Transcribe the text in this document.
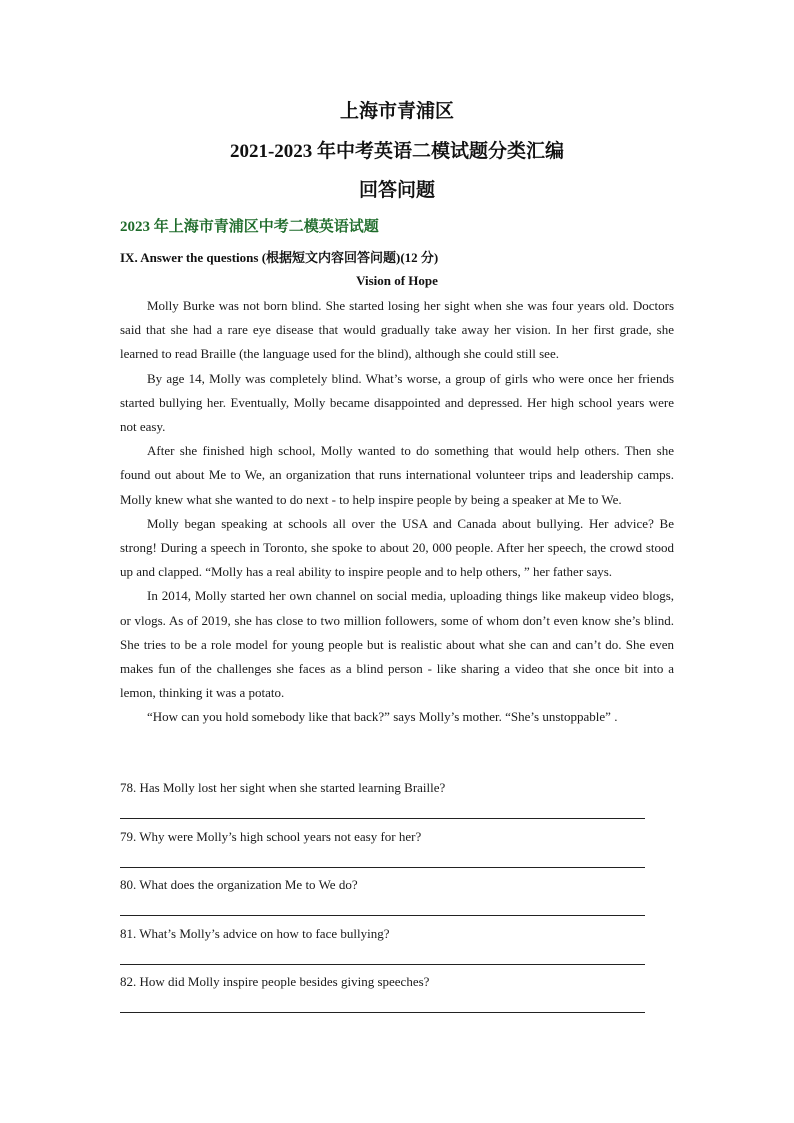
上海市青浦区
2021-2023 年中考英语二模试题分类汇编
回答问题
2023 年上海市青浦区中考二模英语试题
IX. Answer the questions (根据短文内容回答问题)(12 分)
Vision of Hope

Molly Burke was not born blind. She started losing her sight when she was four years old. Doctors said that she had a rare eye disease that would gradually take away her vision. In her first grade, she learned to read Braille (the language used for the blind), although she could still see.

By age 14, Molly was completely blind. What’s worse, a group of girls who were once her friends started bullying her. Eventually, Molly became disappointed and depressed. Her high school years were not easy.

After she finished high school, Molly wanted to do something that would help others. Then she found out about Me to We, an organization that runs international volunteer trips and leadership camps. Molly knew what she wanted to do next - to help inspire people by being a speaker at Me to We.

Molly began speaking at schools all over the USA and Canada about bullying. Her advice? Be strong! During a speech in Toronto, she spoke to about 20, 000 people. After her speech, the crowd stood up and clapped. “Molly has a real ability to inspire people and to help others, ” her father says.

In 2014, Molly started her own channel on social media, uploading things like makeup video blogs, or vlogs. As of 2019, she has close to two million followers, some of whom don’t even know she’s blind. She tries to be a role model for young people but is realistic about what she can and can’t do. She even makes fun of the challenges she faces as a blind person - like sharing a video that she once bit into a lemon, thinking it was a potato.

“How can you hold somebody like that back?” says Molly’s mother. “She’s unstoppable” .

78. Has Molly lost her sight when she started learning Braille?
79. Why were Molly’s high school years not easy for her?
80. What does the organization Me to We do?
81. What’s Molly’s advice on how to face bullying?
82. How did Molly inspire people besides giving speeches?
